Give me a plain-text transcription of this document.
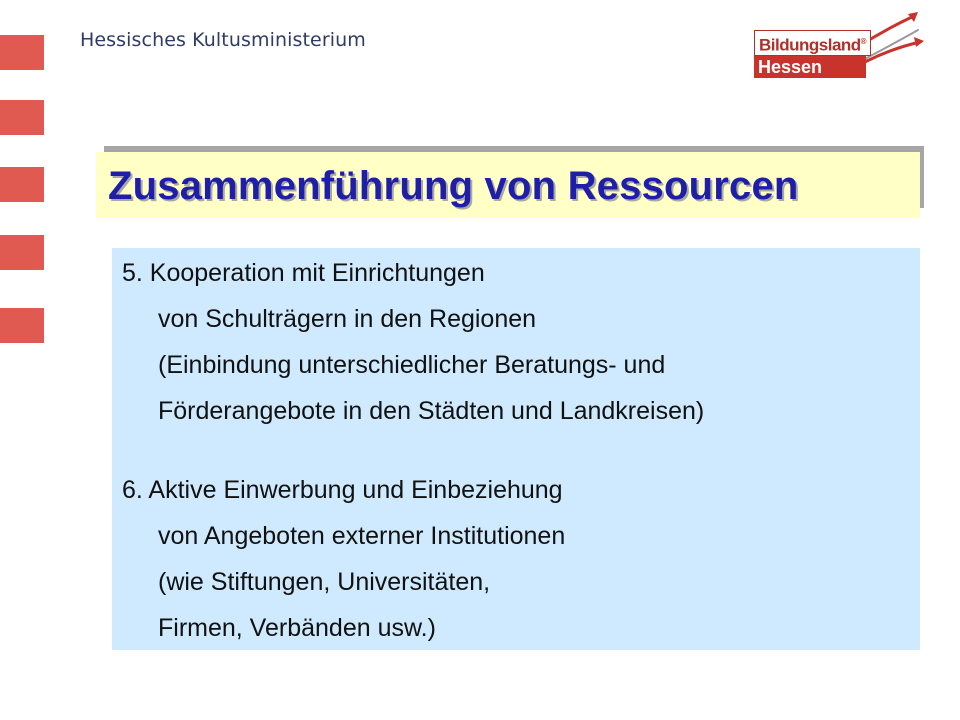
Hessisches Kultusministerium	Bildungsland®
Hessen
Zusammenführung von Ressourcen
5. Kooperation mit Einrichtungen
von Schulträgern in den Regionen
(Einbindung unterschiedlicher Beratungs- und
Förderangebote in den Städten und Landkreisen)
6. Aktive Einwerbung und Einbeziehung
von Angeboten externer Institutionen
(wie Stiftungen, Universitäten,
Firmen, Verbänden usw.)
